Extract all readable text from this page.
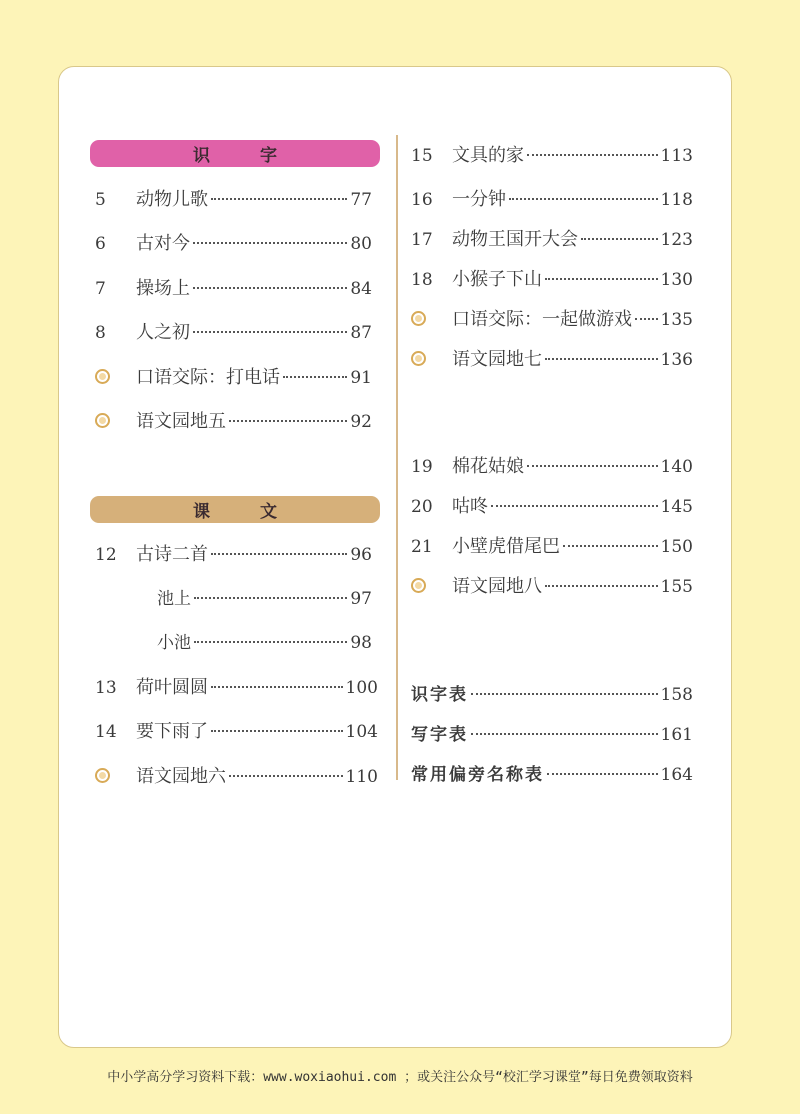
识 字
课 文
5	动物儿歌	77
6	古对今	80
7	操场上	84
8	人之初	87
口语交际：打电话	91
语文园地五	92
12	古诗二首	96
池上	97
小池	98
13	荷叶圆圆	100
14	要下雨了	104
语文园地六	110
15	文具的家	113
16	一分钟	118
17	动物王国开大会	123
18	小猴子下山	130
口语交际：一起做游戏 135
语文园地七	136
19	棉花姑娘	140
20	咕咚	145
21	小壁虎借尾巴	150
语文园地八	155
识字表	158
写字表	161
常用偏旁名称表	164
中小学高分学习资料下载：www.woxiaohui.com ；或关注公众号“校汇学习课堂”每日免费领取资料
